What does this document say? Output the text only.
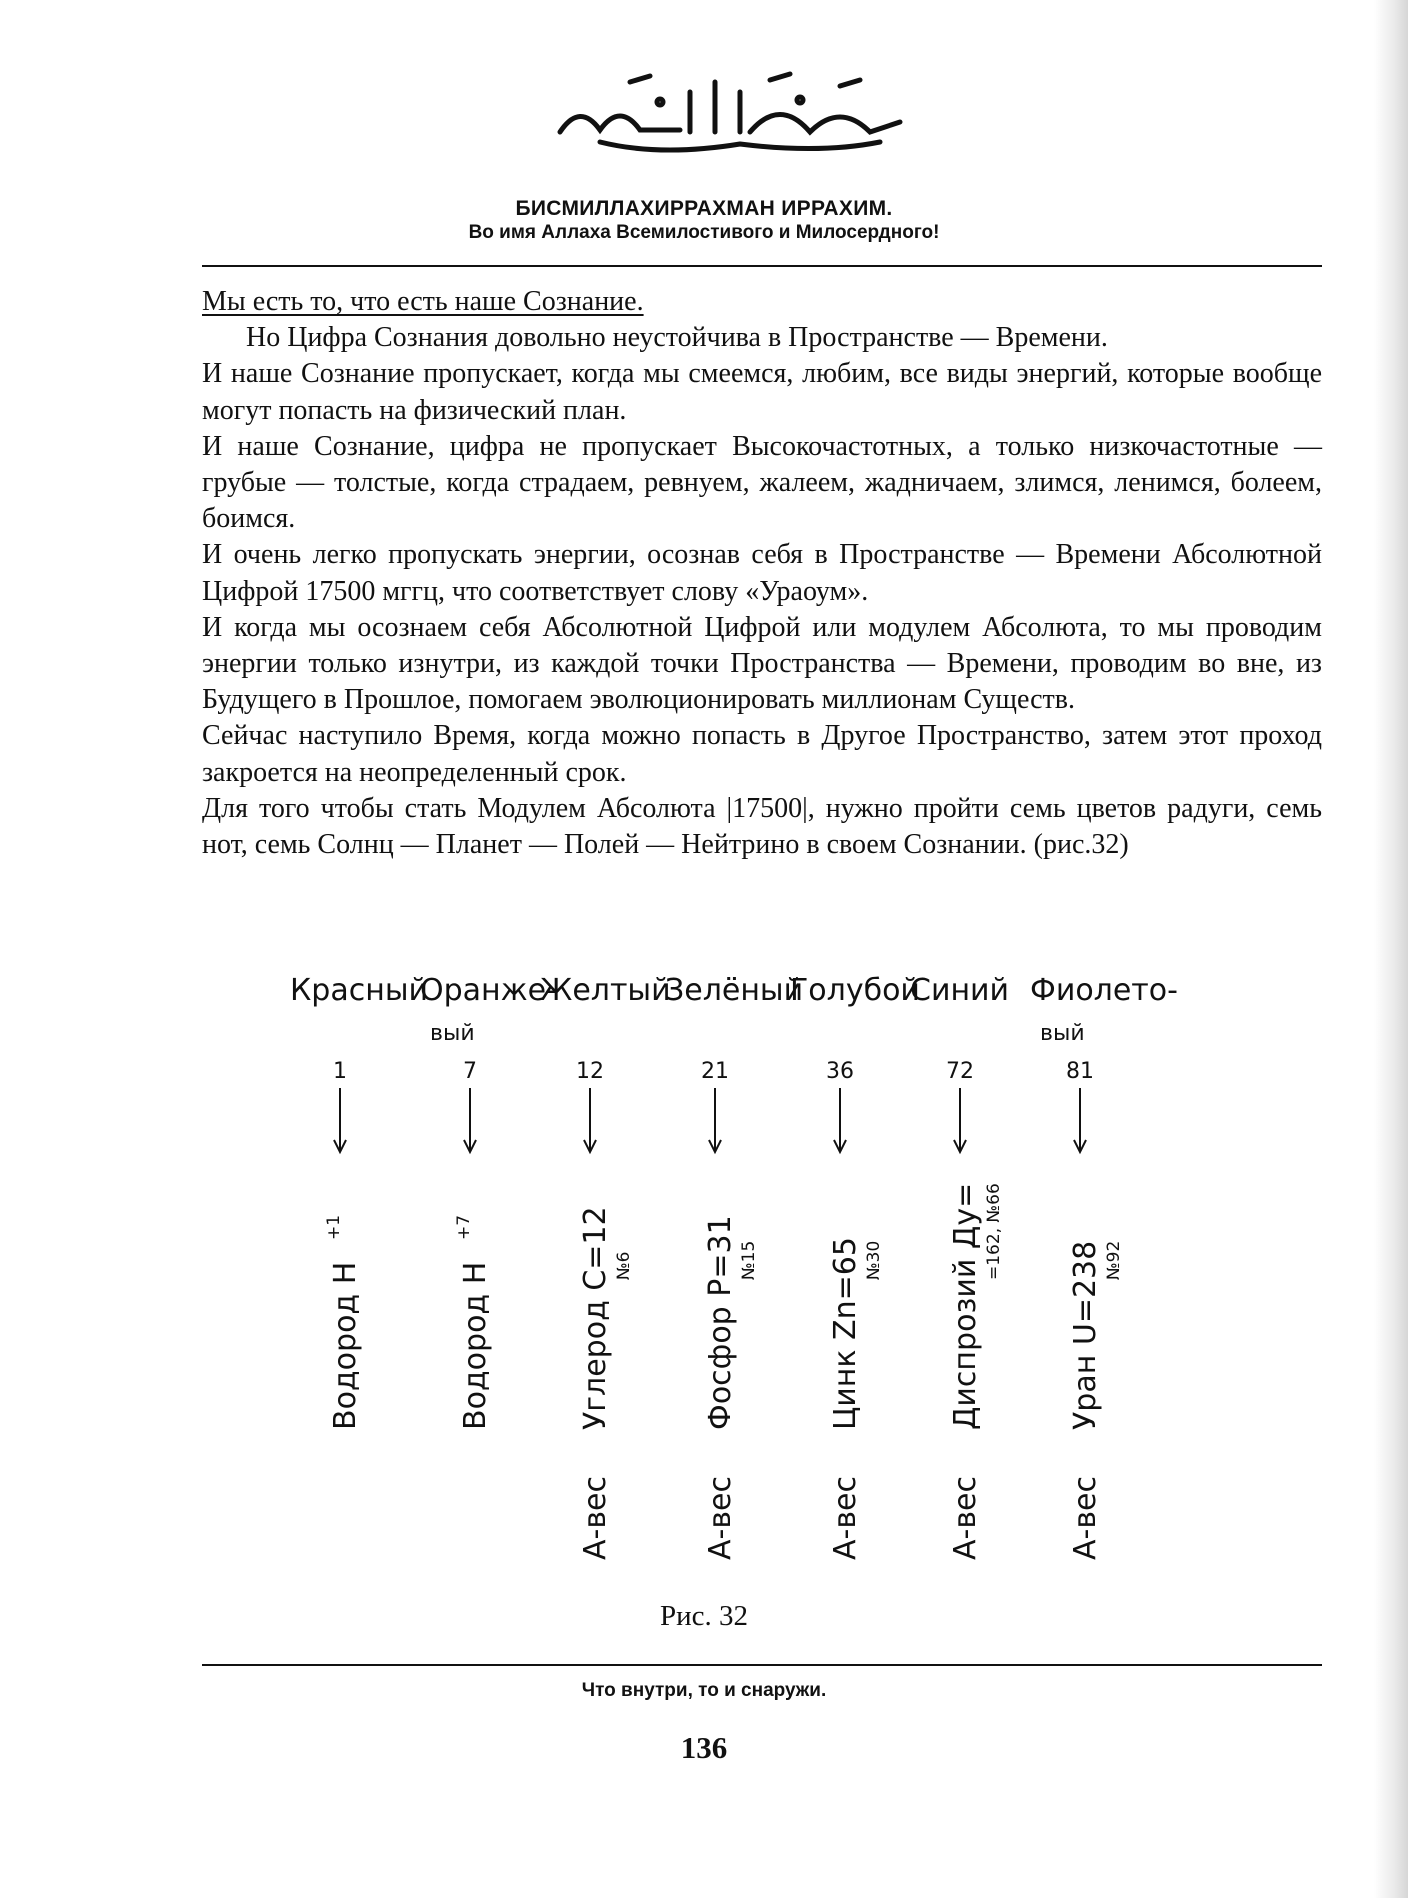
БИСМИЛЛАХИРРАХМАН ИРРАХИМ.
Во имя Аллаха Всемилостивого и Милосердного!

Мы есть то, что есть наше Сознание.

Но Цифра Сознания довольно неустойчива в Пространстве — Времени.

И наше Сознание пропускает, когда мы смеемся, любим, все виды энергий, которые вообще могут попасть на физический план.

И наше Сознание, цифра не пропускает Высокочастотных, а только низкочастотные — грубые — толстые, когда страдаем, ревнуем, жалеем, жадничаем, злимся, ленимся, болеем, боимся.

И очень легко пропускать энергии, осознав себя в Пространстве — Времени Абсолютной Цифрой 17500 мггц, что соответствует слову «Ураоум».

И когда мы осознаем себя Абсолютной Цифрой или модулем Абсолюта, то мы проводим энергии только изнутри, из каждой точки Пространства — Времени, проводим во вне, из Будущего в Прошлое, помогаем эволюционировать миллионам Существ.

Сейчас наступило Время, когда можно попасть в Другое Пространство, затем этот проход закроется на неопределенный срок.

Для того чтобы стать Модулем Абсолюта |17500|, нужно пройти семь цветов радуги, семь нот, семь Солнц — Планет — Полей — Нейтрино в своем Сознании. (рис.32)

Красный
1
Водород Н
+1
Оранже-
вый
7
Водород Н
+7
Желтый
12
Углерод С=12 №6
А-вес
Зелёный
21
Фосфор Р=31 №15
А-вес
Голубой
36
Цинк Zn=65 №30
А-вес
Синий
72
Диспрозий Ду= =162, №66
А-вес
Фиолето-
вый
81
Уран U=238 №92
А-вес
Рис. 32
Что внутри, то и снаружи.
136
